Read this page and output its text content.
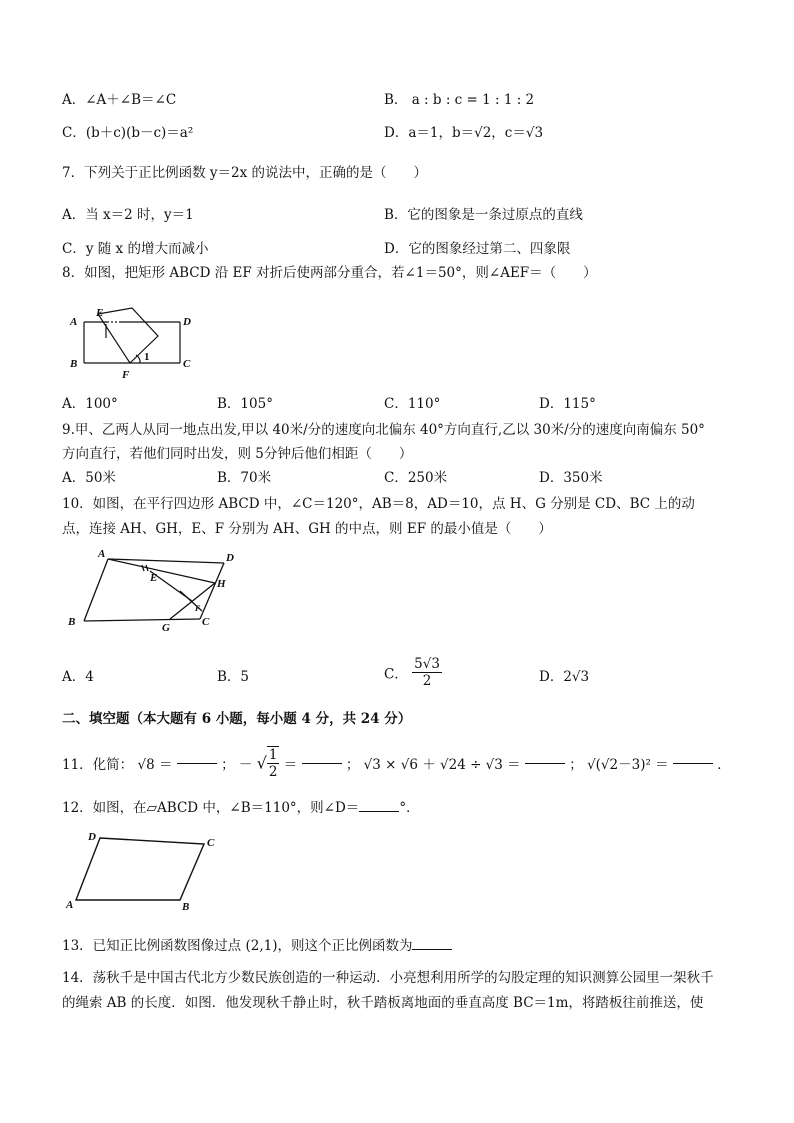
A．∠A＋∠B＝∠C	B． a : b : c = 1 : 1 : 2
C．(b＋c)(b－c)＝a²	D．a＝1，b＝√2，c＝√3
7．下列关于正比例函数 y＝2x 的说法中，正确的是（　　）
A．当 x＝2 时，y＝1	B．它的图象是一条过原点的直线
C．y 随 x 的增大而减小	D．它的图象经过第二、四象限
8．如图，把矩形 ABCD 沿 EF 对折后使两部分重合，若∠1＝50°，则∠AEF＝（　　）
A
B	C
D
E
F
1
A．100°	B．105°	C．110°	D．115°
9.甲、乙两人从同一地点出发,甲以 40米/分的速度向北偏东 40°方向直行,乙以 30米/分的速度向南偏东 50°
方向直行，若他们同时出发，则 5分钟后他们相距（　　）
A．50米	B．70米	C．250米	D．350米
10．如图，在平行四边形 ABCD 中，∠C＝120°，AB＝8，AD＝10，点 H、G 分别是 CD、BC 上的动
点，连接 AH、GH，E、F 分别为 AH、GH 的中点，则 EF 的最小值是（　　）
A	D
H
E
F
B	G	C
A．4	B．5	C． $\frac{5√3}{2}$	D．2√3
二、填空题（本大题有 6 小题，每小题 4 分，共 24 分）
11．化简： √8 ＝	； － √ $\frac{1}{2}$ ＝	； √3 × √6 ＋ √24 ÷ √3 ＝	； √(√2－3)² ＝	．
12．如图，在▱ABCD 中，∠B＝110°，则∠D＝	°．
D	C
A	B
13．已知正比例函数图像过点 (2,1)，则这个正比例函数为
14．荡秋千是中国古代北方少数民族创造的一种运动．小亮想利用所学的勾股定理的知识测算公园里一架秋千
的绳索 AB 的长度．如图．他发现秋千静止时，秋千踏板离地面的垂直高度 BC＝1m，将踏板往前推送，使
